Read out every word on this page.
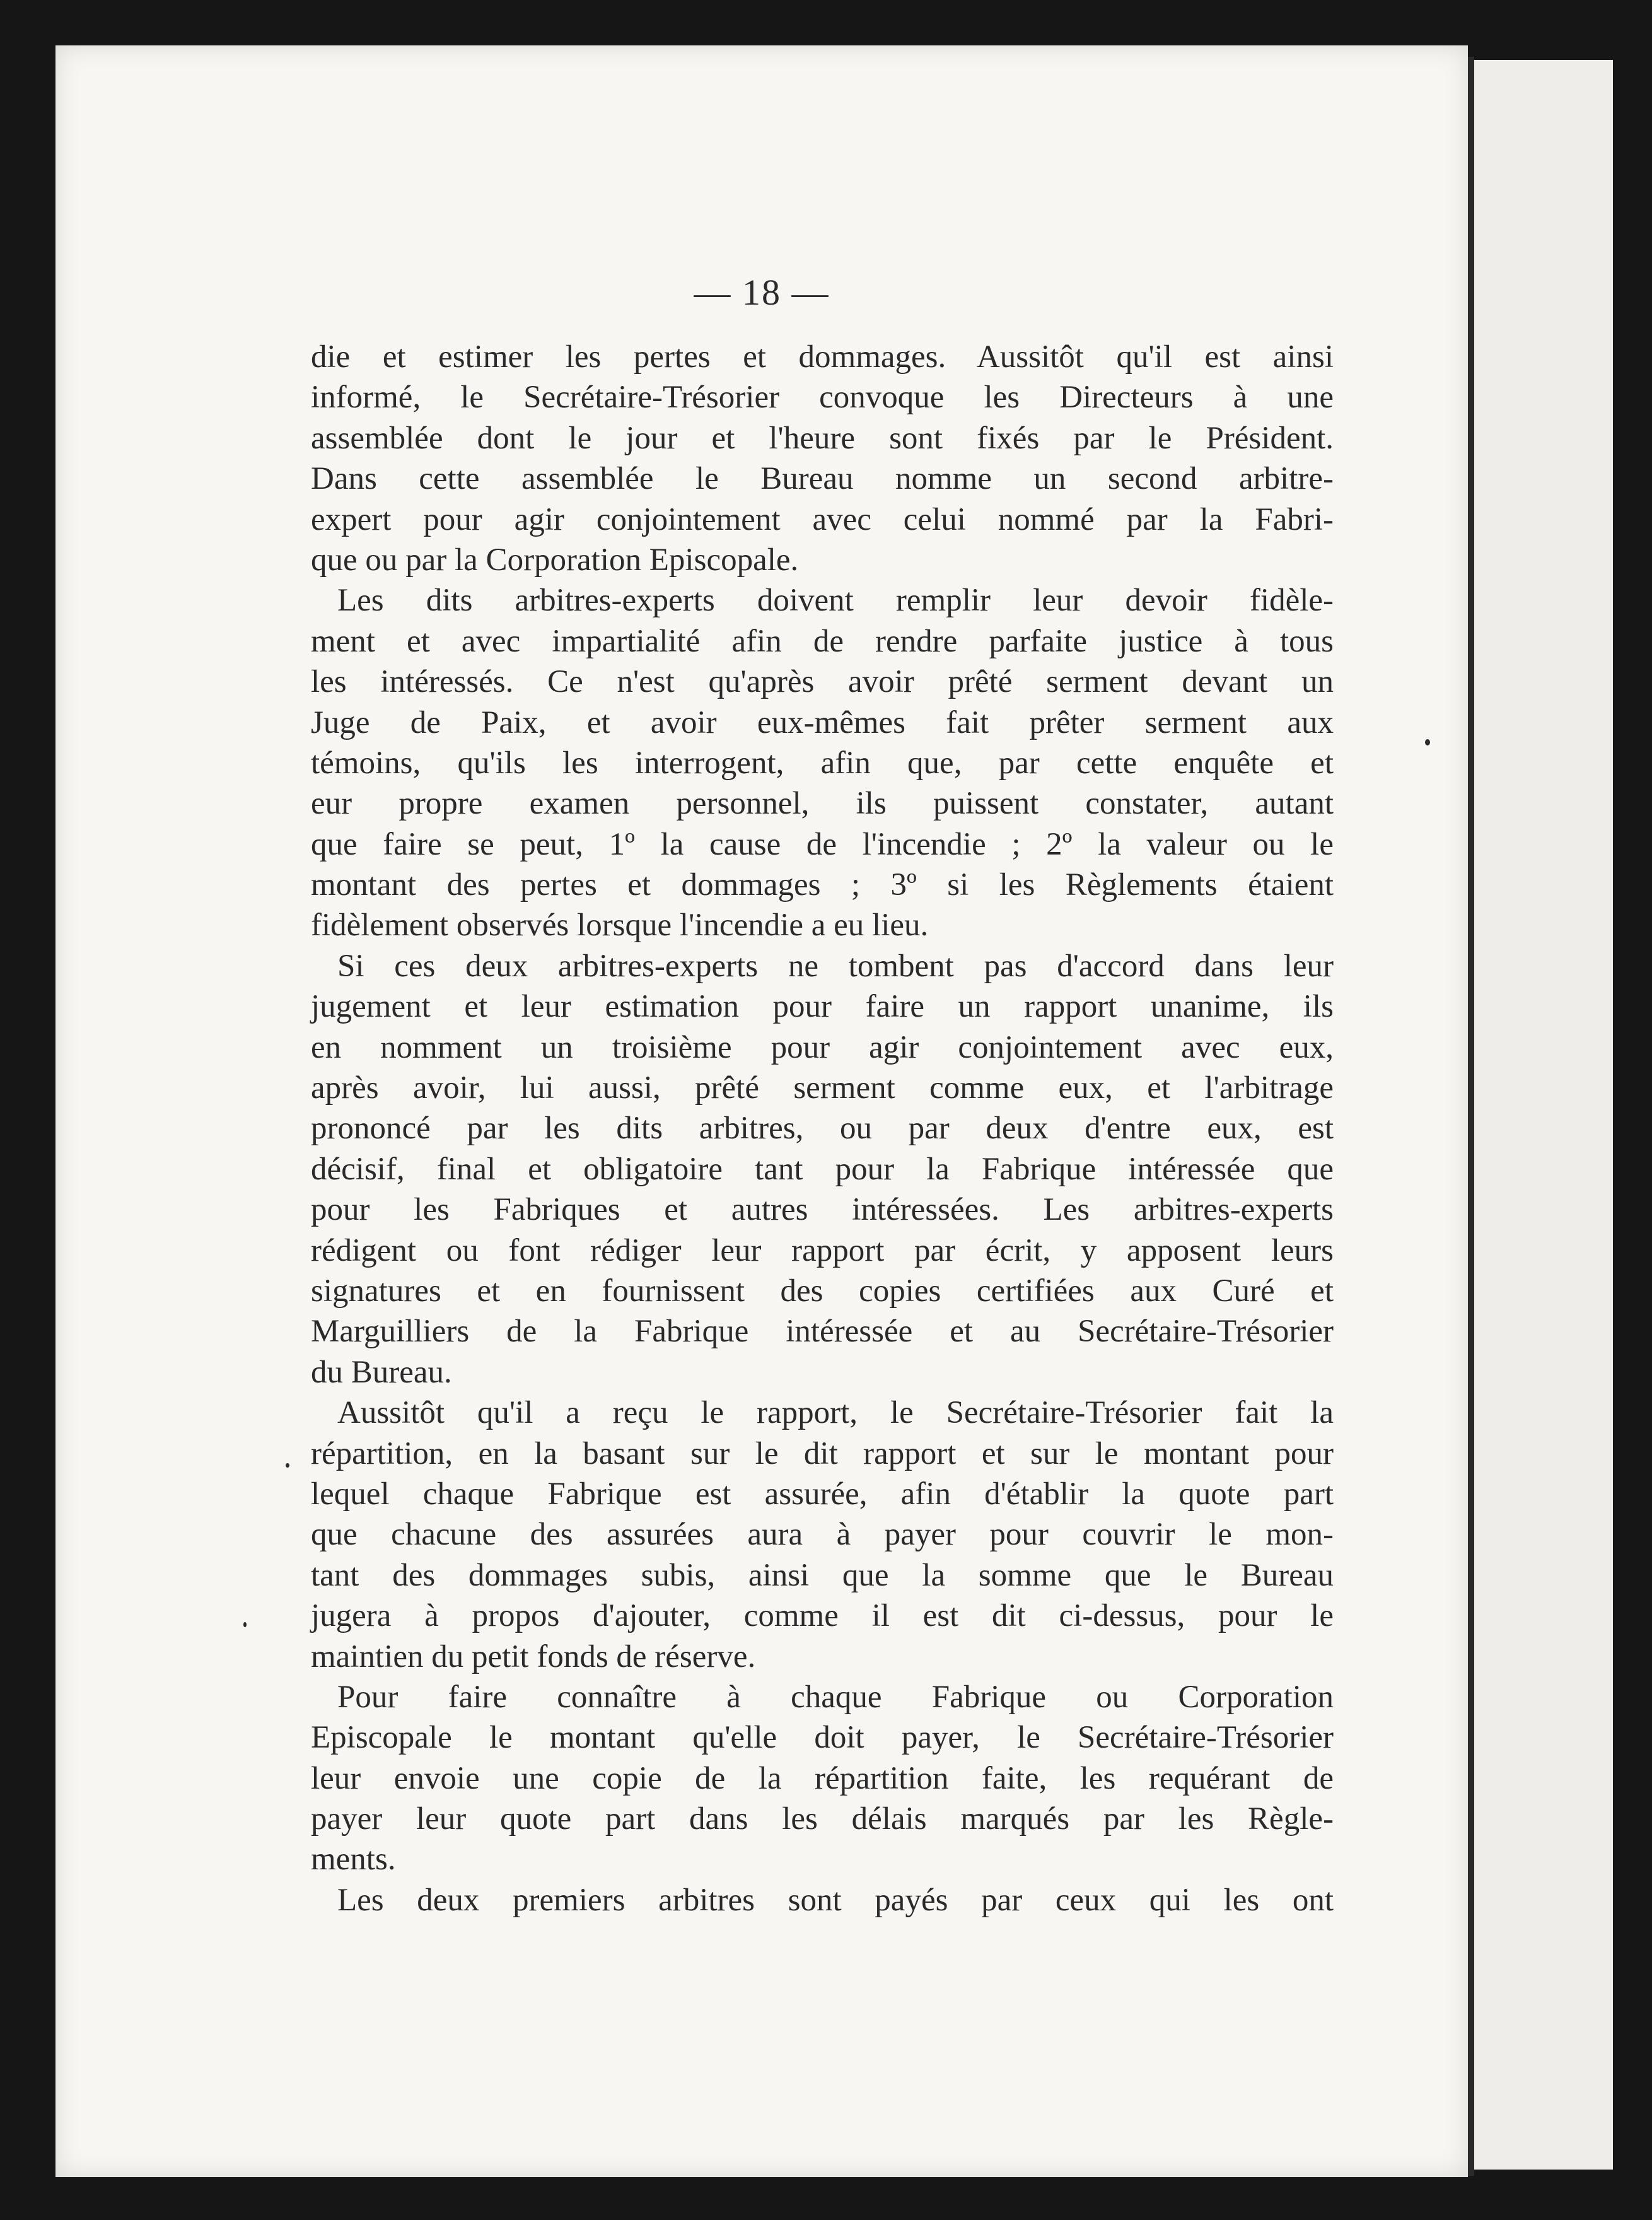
— 18 —
die et estimer les pertes et dommages. Aussitôt qu'il est ainsi
informé, le Secrétaire-Trésorier convoque les Directeurs à une
assemblée dont le jour et l'heure sont fixés par le Président.
Dans cette assemblée le Bureau nomme un second arbitre-
expert pour agir conjointement avec celui nommé par la Fabri-
que ou par la Corporation Episcopale.
Les dits arbitres-experts doivent remplir leur devoir fidèle-
ment et avec impartialité afin de rendre parfaite justice à tous
les intéressés. Ce n'est qu'après avoir prêté serment devant un
Juge de Paix, et avoir eux-mêmes fait prêter serment aux
témoins, qu'ils les interrogent, afin que, par cette enquête et
eur propre examen personnel, ils puissent constater, autant
que faire se peut, 1º la cause de l'incendie ; 2º la valeur ou le
montant des pertes et dommages ; 3º si les Règlements étaient
fidèlement observés lorsque l'incendie a eu lieu.
Si ces deux arbitres-experts ne tombent pas d'accord dans leur
jugement et leur estimation pour faire un rapport unanime, ils
en nomment un troisième pour agir conjointement avec eux,
après avoir, lui aussi, prêté serment comme eux, et l'arbitrage
prononcé par les dits arbitres, ou par deux d'entre eux, est
décisif, final et obligatoire tant pour la Fabrique intéressée que
pour les Fabriques et autres intéressées. Les arbitres-experts
rédigent ou font rédiger leur rapport par écrit, y apposent leurs
signatures et en fournissent des copies certifiées aux Curé et
Marguilliers de la Fabrique intéressée et au Secrétaire-Trésorier
du Bureau.
Aussitôt qu'il a reçu le rapport, le Secrétaire-Trésorier fait la
répartition, en la basant sur le dit rapport et sur le montant pour
lequel chaque Fabrique est assurée, afin d'établir la quote part
que chacune des assurées aura à payer pour couvrir le mon-
tant des dommages subis, ainsi que la somme que le Bureau
jugera à propos d'ajouter, comme il est dit ci-dessus, pour le
maintien du petit fonds de réserve.
Pour faire connaître à chaque Fabrique ou Corporation
Episcopale le montant qu'elle doit payer, le Secrétaire-Trésorier
leur envoie une copie de la répartition faite, les requérant de
payer leur quote part dans les délais marqués par les Règle-
ments.
Les deux premiers arbitres sont payés par ceux qui les ont
